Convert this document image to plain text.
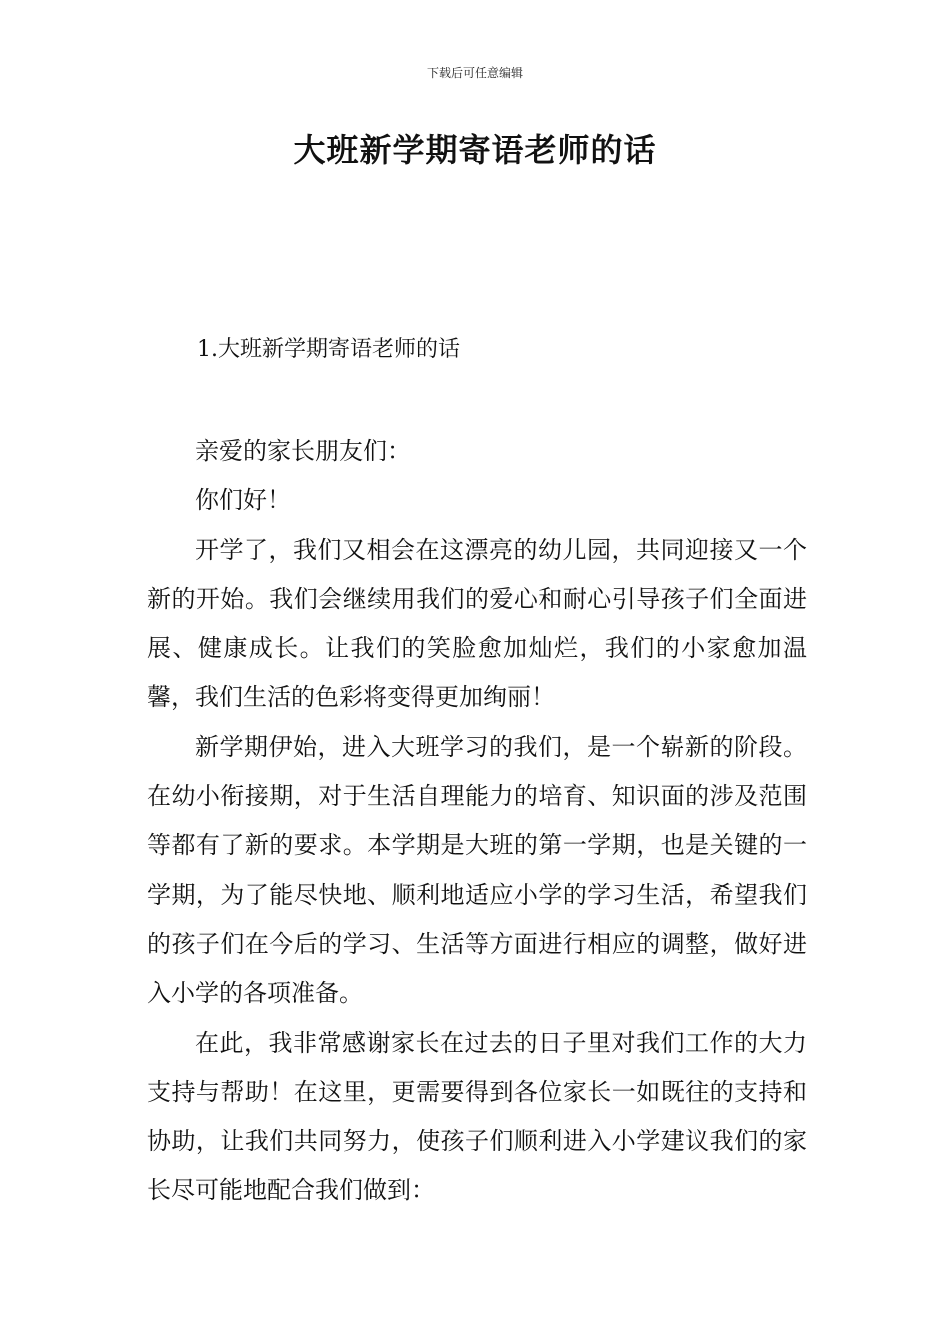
下载后可任意编辑
大班新学期寄语老师的话
1.大班新学期寄语老师的话

亲爱的家长朋友们：

你们好！

开学了，我们又相会在这漂亮的幼儿园，共同迎接又一个新的开始。我们会继续用我们的爱心和耐心引导孩子们全面进展、健康成长。让我们的笑脸愈加灿烂，我们的小家愈加温馨，我们生活的色彩将变得更加绚丽！

新学期伊始，进入大班学习的我们，是一个崭新的阶段。在幼小衔接期，对于生活自理能力的培育、知识面的涉及范围等都有了新的要求。本学期是大班的第一学期，也是关键的一学期，为了能尽快地、顺利地适应小学的学习生活，希望我们的孩子们在今后的学习、生活等方面进行相应的调整，做好进入小学的各项准备。

在此，我非常感谢家长在过去的日子里对我们工作的大力支持与帮助！在这里，更需要得到各位家长一如既往的支持和协助，让我们共同努力，使孩子们顺利进入小学建议我们的家长尽可能地配合我们做到：
